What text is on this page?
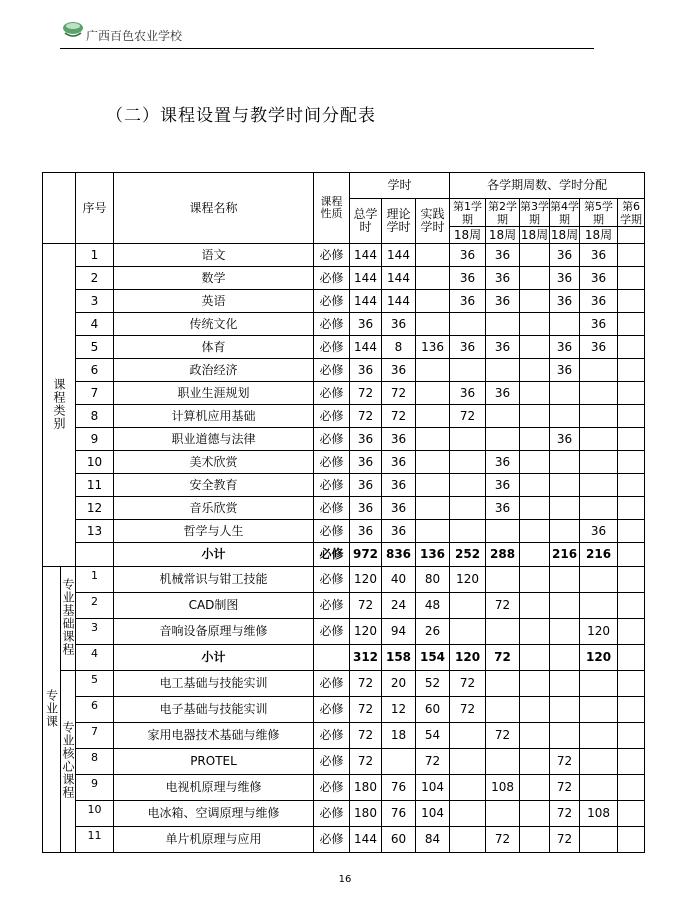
广西百色农业学校
（二）课程设置与教学时间分配表
		序号	课程名称	课程性质	学时			各学期周数、学时分配					

					总学时	理论学时	实践学时	第1学期	第2学期	第3学期	第4学期	第5学期	第6学期
								18周	18周	18周	18周	18周	
课程类别		1	语文	必修	144	144		36	36		36	36	
		2	数学	必修	144	144		36	36		36	36	
		3	英语	必修	144	144		36	36		36	36	
		4	传统文化	必修	36	36						36	
		5	体育	必修	144	8	136	36	36		36	36	
		6	政治经济	必修	36	36					36		
		7	职业生涯规划	必修	72	72		36	36				
		8	计算机应用基础	必修	72	72		72					
		9	职业道德与法律	必修	36	36					36		
		10	美术欣赏	必修	36	36			36				
		11	安全教育	必修	36	36			36				
		12	音乐欣赏	必修	36	36			36				
		13	哲学与人生	必修	36	36						36	
			小计	必修	972	836	136	252	288		216	216	
专业课	专业基础课程	1	机械常识与钳工技能	必修	120	40	80	120					
		2	CAD制图	必修	72	24	48		72				
		3	音响设备原理与维修	必修	120	94	26					120	
		4	小计		312	158	154	120	72			120	
	专业核心课程	5	电工基础与技能实训	必修	72	20	52	72					
		6	电子基础与技能实训	必修	72	12	60	72					
		7	家用电器技术基础与维修	必修	72	18	54		72				
		8	PROTEL	必修	72		72				72		
		9	电视机原理与维修	必修	180	76	104		108		72		
		10	电冰箱、空调原理与维修	必修	180	76	104				72	108	
		11	单片机原理与应用	必修	144	60	84		72		72		
16
